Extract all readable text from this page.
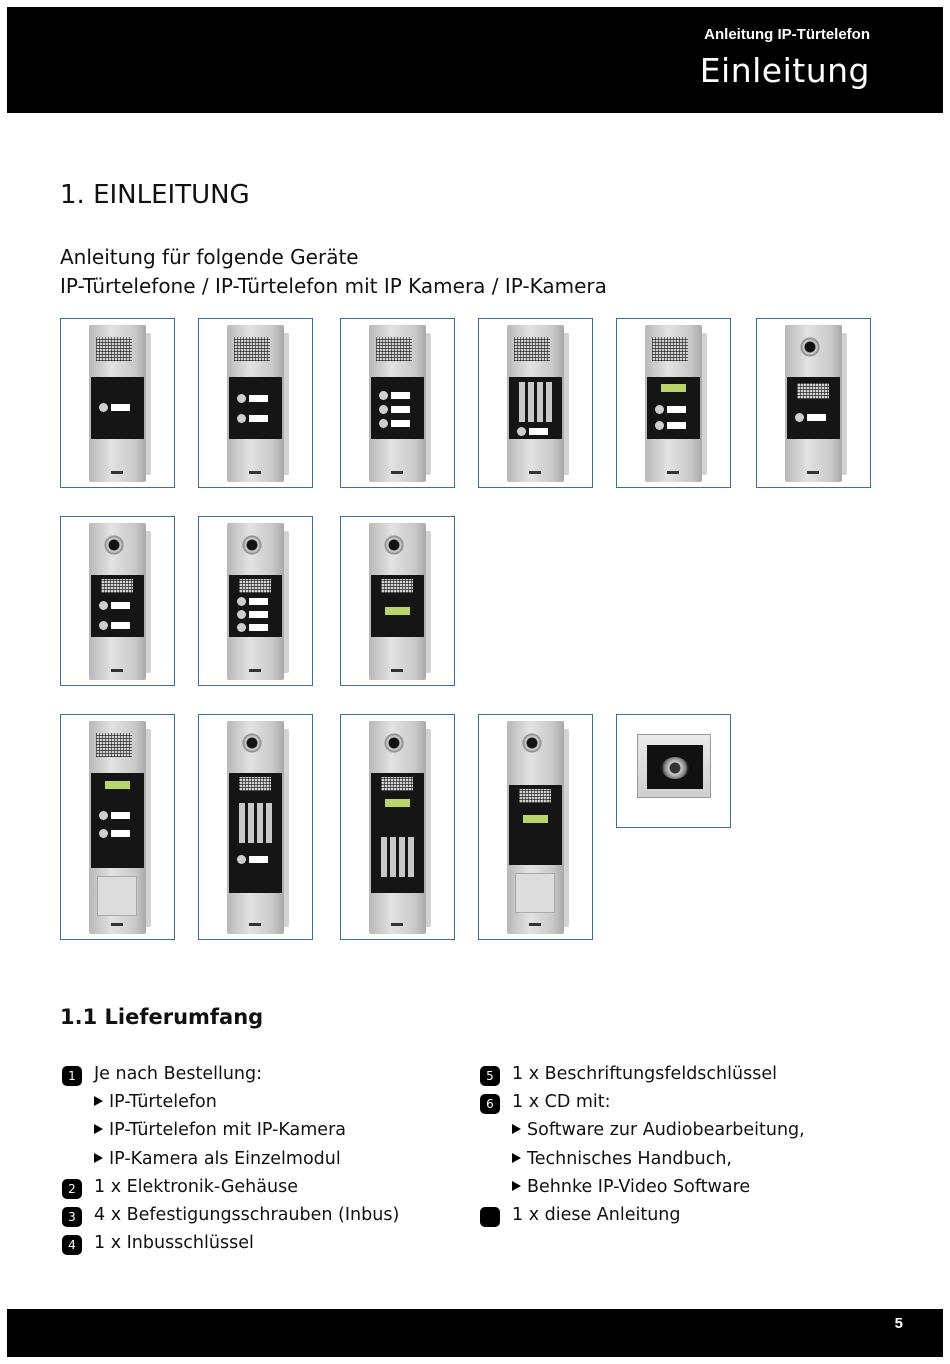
Anleitung IP-Türtelefon
Einleitung
1. EINLEITUNG
Anleitung für folgende Geräte
IP-Türtelefone / IP-Türtelefon mit IP Kamera / IP-Kamera
1.1 Lieferumfang
1	Je nach Bestellung:
IP-Türtelefon
IP-Türtelefon mit IP-Kamera
IP-Kamera als Einzelmodul
2	1 x Elektronik-Gehäuse
3	4 x Befestigungsschrauben (Inbus)
4	1 x Inbusschlüssel
5	1 x Beschriftungsfeldschlüssel
6	1 x CD mit:
Software zur Audiobearbeitung,
Technisches Handbuch,
Behnke IP-Video Software
1 x diese Anleitung
5
